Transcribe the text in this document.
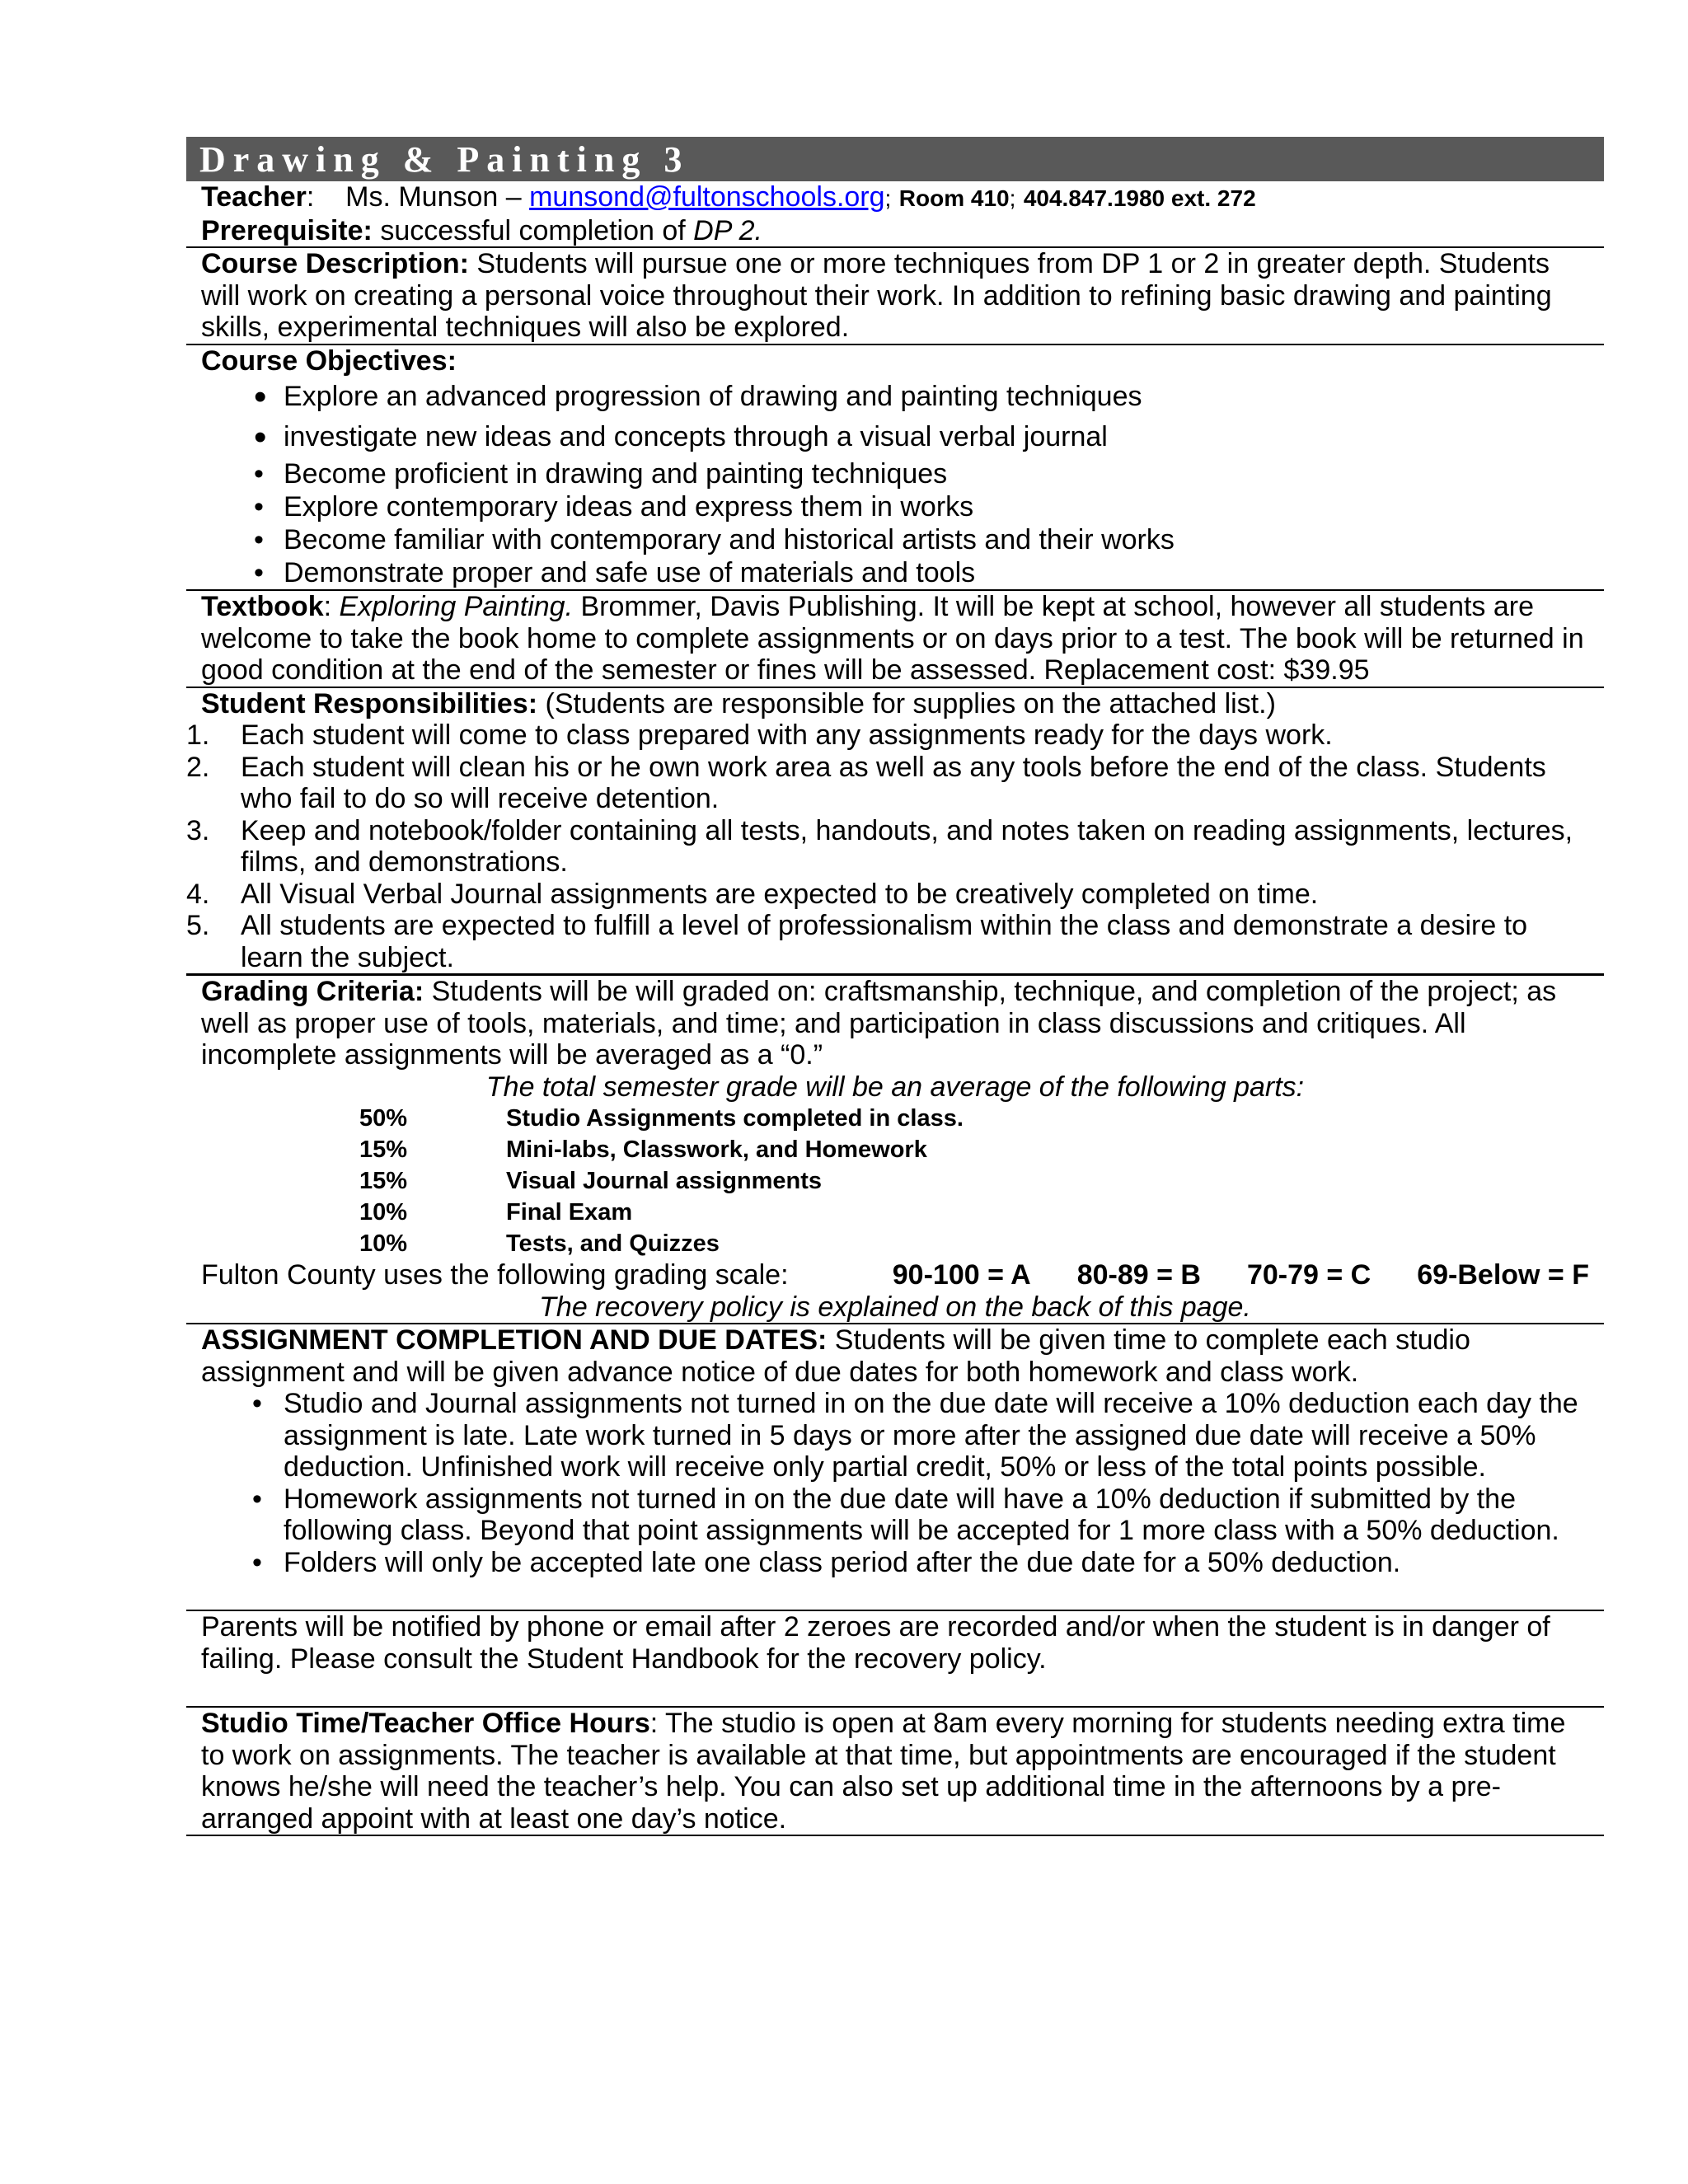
Drawing & Painting 3
Teacher:    Ms. Munson – munsond@fultonschools.org; Room 410; 404.847.1980 ext. 272
Prerequisite: successful completion of DP 2.
Course Description: Students will pursue one or more techniques from DP 1 or 2 in greater depth. Students will work on creating a personal voice throughout their work. In addition to refining basic drawing and painting skills, experimental techniques will also be explored.
Course Objectives:
• Explore an advanced progression of drawing and painting techniques
• investigate new ideas and concepts through a visual verbal journal
• Become proficient in drawing and painting techniques
• Explore contemporary ideas and express them in works
• Become familiar with contemporary and historical artists and their works
• Demonstrate proper and safe use of materials and tools
Textbook: Exploring Painting. Brommer, Davis Publishing. It will be kept at school, however all students are welcome to take the book home to complete assignments or on days prior to a test. The book will be returned in good condition at the end of the semester or fines will be assessed. Replacement cost: $39.95
Student Responsibilities: (Students are responsible for supplies on the attached list.)
1.	Each student will come to class prepared with any assignments ready for the days work.
2.	Each student will clean his or he own work area as well as any tools before the end of the class. Students who fail to do so will receive detention.
3.	Keep and notebook/folder containing all tests, handouts, and notes taken on reading assignments, lectures, films, and demonstrations.
4.	All Visual Verbal Journal assignments are expected to be creatively completed on time.
5.	All students are expected to fulfill a level of professionalism within the class and demonstrate a desire to learn the subject.
Grading Criteria: Students will be will graded on: craftsmanship, technique, and completion of the project; as well as proper use of tools, materials, and time; and participation in class discussions and critiques. All incomplete assignments will be averaged as a “0.”
The total semester grade will be an average of the following parts:
50%	Studio Assignments completed in class.
15%	Mini-labs, Classwork, and Homework
15%	Visual Journal assignments
10%	Final Exam
10%	Tests, and Quizzes
Fulton County uses the following grading scale:	90-100 = A 80-89 = B 70-79 = C 69-Below = F
The recovery policy is explained on the back of this page.
ASSIGNMENT COMPLETION AND DUE DATES: Students will be given time to complete each studio assignment and will be given advance notice of due dates for both homework and class work.
• Studio and Journal assignments not turned in on the due date will receive a 10% deduction each day the assignment is late. Late work turned in 5 days or more after the assigned due date will receive a 50% deduction. Unfinished work will receive only partial credit, 50% or less of the total points possible.
• Homework assignments not turned in on the due date will have a 10% deduction if submitted by the following class. Beyond that point assignments will be accepted for 1 more class with a 50% deduction.
• Folders will only be accepted late one class period after the due date for a 50% deduction.
Parents will be notified by phone or email after 2 zeroes are recorded and/or when the student is in danger of failing. Please consult the Student Handbook for the recovery policy.
Studio Time/Teacher Office Hours: The studio is open at 8am every morning for students needing extra time to work on assignments. The teacher is available at that time, but appointments are encouraged if the student knows he/she will need the teacher’s help. You can also set up additional time in the afternoons by a pre-arranged appoint with at least one day’s notice.
